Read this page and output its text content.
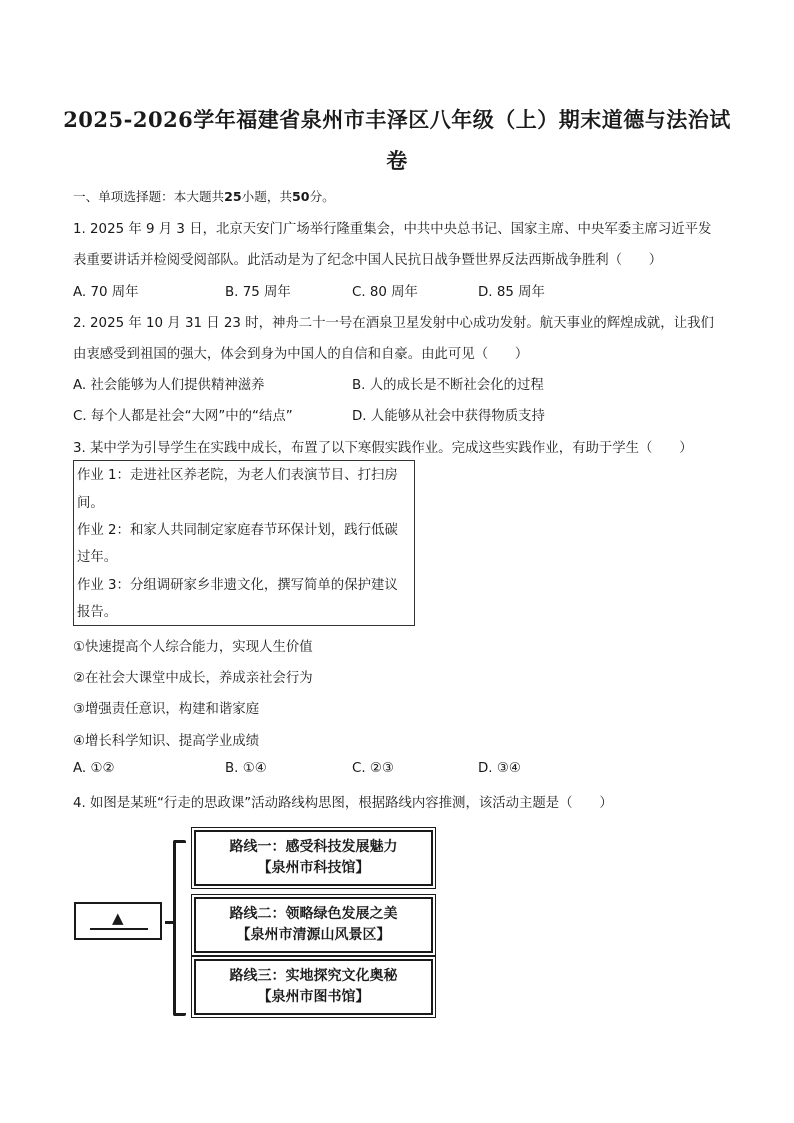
2025-2026学年福建省泉州市丰泽区八年级（上）期末道德与法治试
卷
一、单项选择题：本大题共25小题，共50分。
1. 2025 年 9 月 3 日，北京天安门广场举行隆重集会，中共中央总书记、国家主席、中央军委主席习近平发
表重要讲话并检阅受阅部队。此活动是为了纪念中国人民抗日战争暨世界反法西斯战争胜利（　　）
A. 70 周年	B. 75 周年	C. 80 周年	D. 85 周年
2. 2025 年 10 月 31 日 23 时，神舟二十一号在酒泉卫星发射中心成功发射。航天事业的辉煌成就，让我们
由衷感受到祖国的强大，体会到身为中国人的自信和自豪。由此可见（　　）
A. 社会能够为人们提供精神滋养	B. 人的成长是不断社会化的过程
C. 每个人都是社会“大网”中的“结点”	D. 人能够从社会中获得物质支持
3. 某中学为引导学生在实践中成长，布置了以下寒假实践作业。完成这些实践作业，有助于学生（　　）
作业 1：走进社区养老院，为老人们表演节目、打扫房
间。
作业 2：和家人共同制定家庭春节环保计划，践行低碳
过年。
作业 3：分组调研家乡非遗文化，撰写简单的保护建议
报告。
①快速提高个人综合能力，实现人生价值
②在社会大课堂中成长，养成亲社会行为
③增强责任意识，构建和谐家庭
④增长科学知识、提高学业成绩
A. ①②	B. ①④	C. ②③	D. ③④
4. 如图是某班“行走的思政课”活动路线构思图，根据路线内容推测，该活动主题是（　　）
▲
路线一：感受科技发展魅力
【泉州市科技馆】
路线二：领略绿色发展之美
【泉州市清源山风景区】
路线三：实地探究文化奥秘
【泉州市图书馆】
